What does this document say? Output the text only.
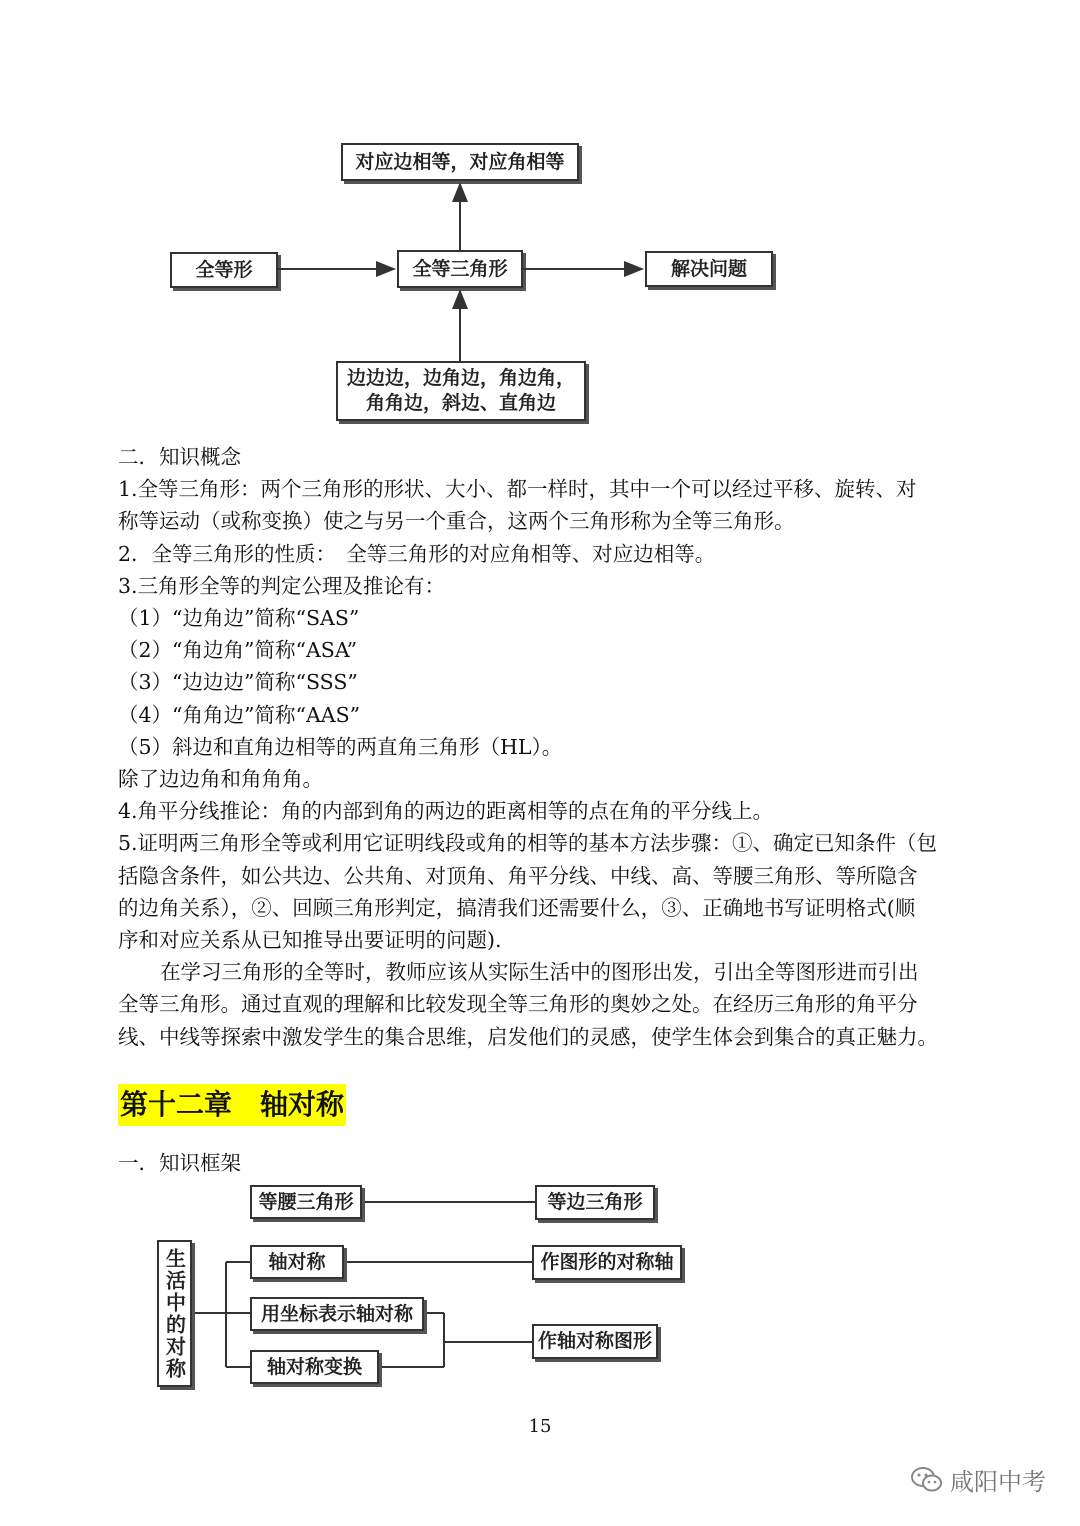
对应边相等，对应角相等
全等形	全等三角形	解决问题
边边边，边角边，角边角，
角角边，斜边、直角边

二．知识概念

1.全等三角形：两个三角形的形状、大小、都一样时，其中一个可以经过平移、旋转、对

称等运动（或称变换）使之与另一个重合，这两个三角形称为全等三角形。

2．全等三角形的性质：　全等三角形的对应角相等、对应边相等。

3.三角形全等的判定公理及推论有：

（1）“边角边”简称“SAS”

（2）“角边角”简称“ASA”

（3）“边边边”简称“SSS”

（4）“角角边”简称“AAS”

（5）斜边和直角边相等的两直角三角形（HL）。

除了边边角和角角角。

4.角平分线推论：角的内部到角的两边的距离相等的点在角的平分线上。

5.证明两三角形全等或利用它证明线段或角的相等的基本方法步骤：①、确定已知条件（包

括隐含条件，如公共边、公共角、对顶角、角平分线、中线、高、等腰三角形、等所隐含

的边角关系），②、回顾三角形判定，搞清我们还需要什么，③、正确地书写证明格式(顺

序和对应关系从已知推导出要证明的问题).

在学习三角形的全等时，教师应该从实际生活中的图形出发，引出全等图形进而引出

全等三角形。通过直观的理解和比较发现全等三角形的奥妙之处。在经历三角形的角平分

线、中线等探索中激发学生的集合思维，启发他们的灵感，使学生体会到集合的真正魅力。

第十二章　轴对称
一．知识框架
生活中的对称
等腰三角形	等边三角形
轴对称	作图形的对称轴
用坐标表示轴对称
作轴对称图形
轴对称变换
15
咸阳中考
